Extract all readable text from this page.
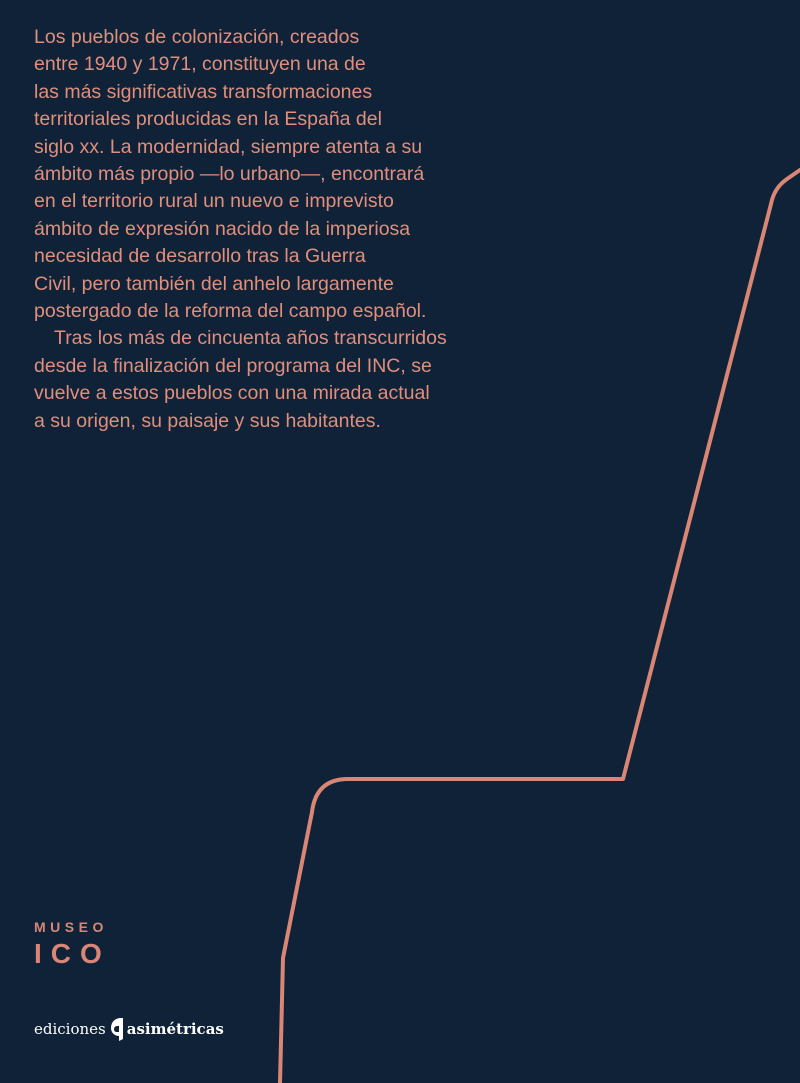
Los pueblos de colonización, creados
entre 1940 y 1971, constituyen una de
las más significativas transformaciones
territoriales producidas en la España del
siglo xx. La modernidad, siempre atenta a su
ámbito más propio —lo urbano—, encontrará
en el territorio rural un nuevo e imprevisto
ámbito de expresión nacido de la imperiosa
necesidad de desarrollo tras la Guerra
Civil, pero también del anhelo largamente
postergado de la reforma del campo español.
Tras los más de cincuenta años transcurridos
desde la finalización del programa del INC, se
vuelve a estos pueblos con una mirada actual
a su origen, su paisaje y sus habitantes.
MUSEO
ICO
ediciones asimétricas
